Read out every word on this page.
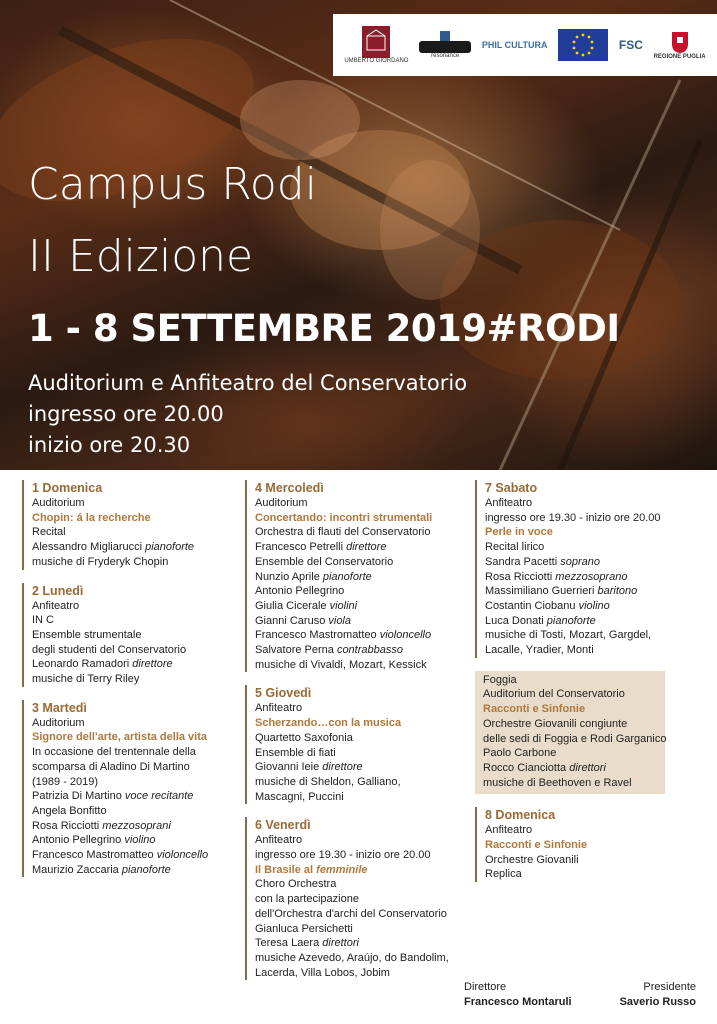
UMBERTO GIORDANO
resonance
PHIL CULTURA	FSC
REGIONE PUGLIA
Campus Rodi
II Edizione
1 - 8 SETTEMBRE 2019#RODI
Auditorium e Anfiteatro del Conservatorio
ingresso ore 20.00
inizio ore 20.30
1 Domenica
Auditorium
Chopin: á la recherche
Recital
Alessandro Migliarucci pianoforte
musiche di Fryderyk Chopin
2 Lunedì
Anfiteatro
IN C
Ensemble strumentale
degli studenti del Conservatorio
Leonardo Ramadori direttore
musiche di Terry Riley
3 Martedì
Auditorium
Signore dell'arte, artista della vita
In occasione del trentennale della
scomparsa di Aladino Di Martino
(1989 - 2019)
Patrizia Di Martino voce recitante
Angela Bonfitto
Rosa Ricciotti mezzosoprani
Antonio Pellegrino violino
Francesco Mastromatteo violoncello
Maurizio Zaccaria pianoforte
4 Mercoledì
Auditorium
Concertando: incontri strumentali
Orchestra di flauti del Conservatorio
Francesco Petrelli direttore
Ensemble del Conservatorio
Nunzio Aprile pianoforte
Antonio Pellegrino
Giulia Cicerale violini
Gianni Caruso viola
Francesco Mastromatteo violoncello
Salvatore Perna contrabbasso
musiche di Vivaldi, Mozart, Kessick
5 Giovedì
Anfiteatro
Scherzando…con la musica
Quartetto Saxofonia
Ensemble di fiati
Giovanni Ieie direttore
musiche di Sheldon, Galliano,
Mascagni, Puccini
6 Venerdì
Anfiteatro
ingresso ore 19.30 - inizio ore 20.00
Il Brasile al femminile
Choro Orchestra
con la partecipazione
dell'Orchestra d'archi del Conservatorio
Gianluca Persichetti
Teresa Laera direttori
musiche Azevedo, Araújo, do Bandolim,
Lacerda, Villa Lobos, Jobim
7 Sabato
Anfiteatro
ingresso ore 19.30 - inizio ore 20.00
Perle in voce
Recital lirico
Sandra Pacetti soprano
Rosa Ricciotti mezzosoprano
Massimiliano Guerrieri baritono
Costantin Ciobanu violino
Luca Donati pianoforte
musiche di Tosti, Mozart, Gargdel,
Lacalle, Yradier, Monti
Foggia
Auditorium del Conservatorio
Racconti e Sinfonie
Orchestre Giovanili congiunte
delle sedi di Foggia e Rodi Garganico
Paolo Carbone
Rocco Cianciotta direttori
musiche di Beethoven e Ravel
8 Domenica
Anfiteatro
Racconti e Sinfonie
Orchestre Giovanili
Replica
Direttore
Francesco Montaruli
Presidente
Saverio Russo
